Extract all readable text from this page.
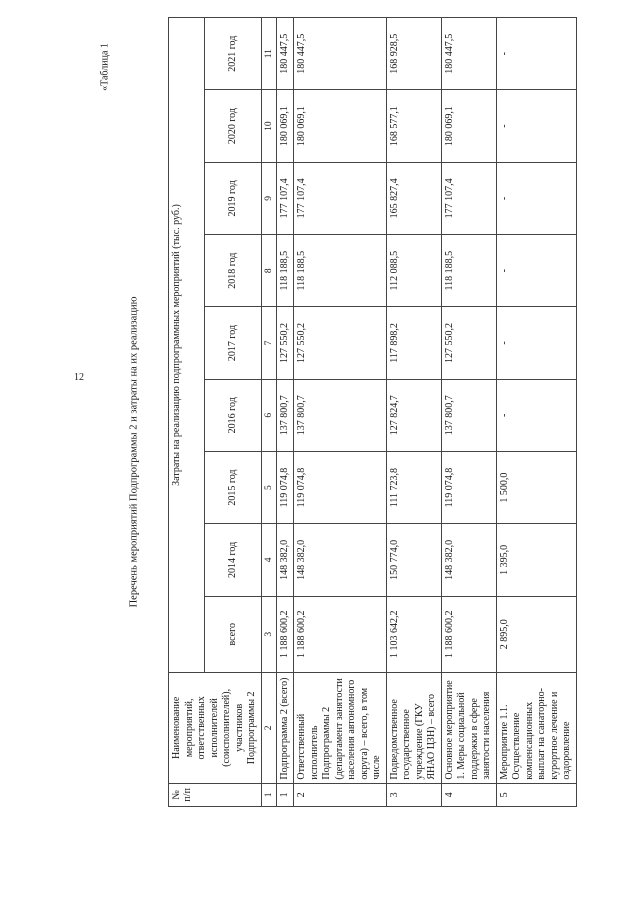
12
«Таблица 1
Перечень мероприятий Подпрограммы 2 и затраты на их реализацию
№ п/п	Наименование мероприятий, ответственных исполнителей (соисполнителей), участников Подпрограммы 2	Затраты на реализацию подпрограммных мероприятий (тыс. руб.)								
		всего	2014 год	2015 год	2016 год	2017 год	2018 год	2019 год	2020 год	2021 год
1	2	3	4	5	6	7	8	9	10	11
1	Подпрограмма 2 (всего)	1 188 600,2	148 382,0	119 074,8	137 800,7	127 550,2	118 188,5	177 107,4	180 069,1	180 447,5
2	Ответственный исполнитель Подпрограммы 2 (департамент занятости населения автономного округа) – всего, в том числе	1 188 600,2	148 382,0	119 074,8	137 800,7	127 550,2	118 188,5	177 107,4	180 069,1	180 447,5
3	Подведомственное государственное учреждение (ГКУ ЯНАО ЦЗН) – всего	1 103 642,2	150 774,0	111 723,8	127 824,7	117 898,2	112 088,5	165 827,4	168 577,1	168 928,5
4	Основное мероприятие 1. Меры социальной поддержки в сфере занятости населения	1 188 600,2	148 382,0	119 074,8	137 800,7	127 550,2	118 188,5	177 107,4	180 069,1	180 447,5
5	Мероприятие 1.1. Осуществление компенсационных выплат на санаторно-курортное лечение и оздоровление	2 895,0	1 395,0	1 500,0	-	-	-	-	-	-
